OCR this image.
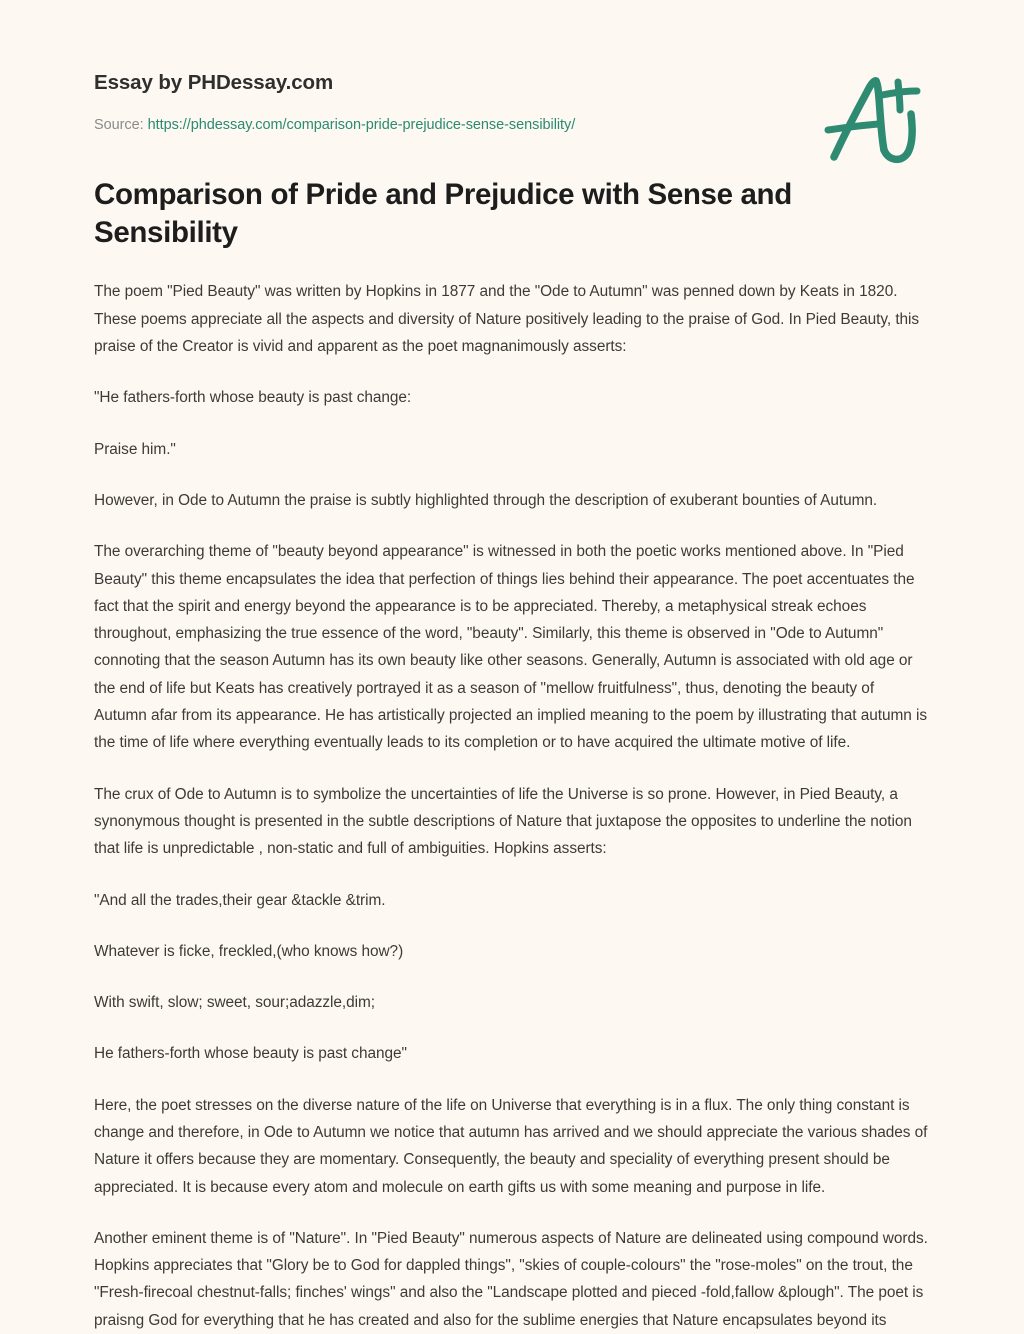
Essay by PHDessay.com
Source: https://phdessay.com/comparison-pride-prejudice-sense-sensibility/
Comparison of Pride and Prejudice with Sense and Sensibility

The poem "Pied Beauty" was written by Hopkins in 1877 and the "Ode to Autumn" was penned down by Keats in 1820. These poems appreciate all the aspects and diversity of Nature positively leading to the praise of God. In Pied Beauty, this praise of the Creator is vivid and apparent as the poet magnanimously asserts:

"He fathers-forth whose beauty is past change:

Praise him."

However, in Ode to Autumn the praise is subtly highlighted through the description of exuberant bounties of Autumn.

The overarching theme of "beauty beyond appearance" is witnessed in both the poetic works mentioned above. In "Pied Beauty" this theme encapsulates the idea that perfection of things lies behind their appearance. The poet accentuates the fact that the spirit and energy beyond the appearance is to be appreciated. Thereby, a metaphysical streak echoes throughout, emphasizing the true essence of the word, "beauty". Similarly, this theme is observed in "Ode to Autumn" connoting that the season Autumn has its own beauty like other seasons. Generally, Autumn is associated with old age or the end of life but Keats has creatively portrayed it as a season of "mellow fruitfulness", thus, denoting the beauty of Autumn afar from its appearance. He has artistically projected an implied meaning to the poem by illustrating that autumn is the time of life where everything eventually leads to its completion or to have acquired the ultimate motive of life.

The crux of Ode to Autumn is to symbolize the uncertainties of life the Universe is so prone. However, in Pied Beauty, a synonymous thought is presented in the subtle descriptions of Nature that juxtapose the opposites to underline the notion that life is unpredictable , non-static and full of ambiguities. Hopkins asserts:

"And all the trades,their gear &tackle &trim.

Whatever is ficke, freckled,(who knows how?)

With swift, slow; sweet, sour;adazzle,dim;

He fathers-forth whose beauty is past change"

Here, the poet stresses on the diverse nature of the life on Universe that everything is in a flux. The only thing constant is change and therefore, in Ode to Autumn we notice that autumn has arrived and we should appreciate the various shades of Nature it offers because they are momentary. Consequently, the beauty and speciality of everything present should be appreciated. It is because every atom and molecule on earth gifts us with some meaning and purpose in life.

Another eminent theme is of "Nature". In "Pied Beauty" numerous aspects of Nature are delineated using compound words. Hopkins appreciates that "Glory be to God for dappled things", "skies of couple-colours" the "rose-moles" on the trout, the "Fresh-firecoal chestnut-falls; finches' wings" and also the "Landscape plotted and pieced -fold,fallow &plough". The poet is praisng God for everything that he has created and also for the sublime energies that Nature encapsulates beyond its
